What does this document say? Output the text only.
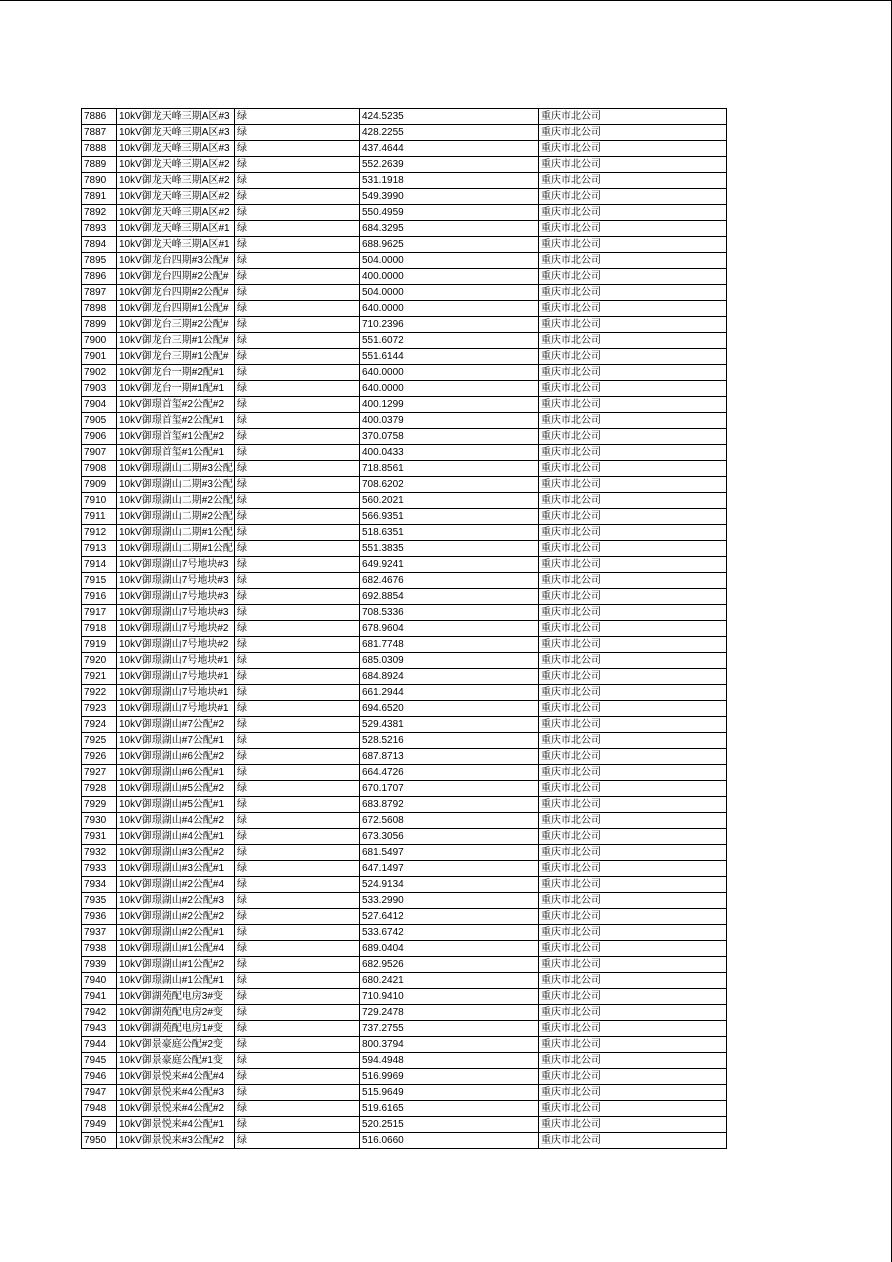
7886	10kV御龙天峰三期A区#3	绿	424.5235	重庆市北公司
7887	10kV御龙天峰三期A区#3	绿	428.2255	重庆市北公司
7888	10kV御龙天峰三期A区#3	绿	437.4644	重庆市北公司
7889	10kV御龙天峰三期A区#2	绿	552.2639	重庆市北公司
7890	10kV御龙天峰三期A区#2	绿	531.1918	重庆市北公司
7891	10kV御龙天峰三期A区#2	绿	549.3990	重庆市北公司
7892	10kV御龙天峰三期A区#2	绿	550.4959	重庆市北公司
7893	10kV御龙天峰三期A区#1	绿	684.3295	重庆市北公司
7894	10kV御龙天峰三期A区#1	绿	688.9625	重庆市北公司
7895	10kV御龙台四期#3公配#	绿	504.0000	重庆市北公司
7896	10kV御龙台四期#2公配#	绿	400.0000	重庆市北公司
7897	10kV御龙台四期#2公配#	绿	504.0000	重庆市北公司
7898	10kV御龙台四期#1公配#	绿	640.0000	重庆市北公司
7899	10kV御龙台三期#2公配#	绿	710.2396	重庆市北公司
7900	10kV御龙台三期#1公配#	绿	551.6072	重庆市北公司
7901	10kV御龙台三期#1公配#	绿	551.6144	重庆市北公司
7902	10kV御龙台一期#2配#1	绿	640.0000	重庆市北公司
7903	10kV御龙台一期#1配#1	绿	640.0000	重庆市北公司
7904	10kV御璟首玺#2公配#2	绿	400.1299	重庆市北公司
7905	10kV御璟首玺#2公配#1	绿	400.0379	重庆市北公司
7906	10kV御璟首玺#1公配#2	绿	370.0758	重庆市北公司
7907	10kV御璟首玺#1公配#1	绿	400.0433	重庆市北公司
7908	10kV御璟湖山二期#3公配	绿	718.8561	重庆市北公司
7909	10kV御璟湖山二期#3公配	绿	708.6202	重庆市北公司
7910	10kV御璟湖山二期#2公配	绿	560.2021	重庆市北公司
7911	10kV御璟湖山二期#2公配	绿	566.9351	重庆市北公司
7912	10kV御璟湖山二期#1公配	绿	518.6351	重庆市北公司
7913	10kV御璟湖山二期#1公配	绿	551.3835	重庆市北公司
7914	10kV御璟湖山7号地块#3	绿	649.9241	重庆市北公司
7915	10kV御璟湖山7号地块#3	绿	682.4676	重庆市北公司
7916	10kV御璟湖山7号地块#3	绿	692.8854	重庆市北公司
7917	10kV御璟湖山7号地块#3	绿	708.5336	重庆市北公司
7918	10kV御璟湖山7号地块#2	绿	678.9604	重庆市北公司
7919	10kV御璟湖山7号地块#2	绿	681.7748	重庆市北公司
7920	10kV御璟湖山7号地块#1	绿	685.0309	重庆市北公司
7921	10kV御璟湖山7号地块#1	绿	684.8924	重庆市北公司
7922	10kV御璟湖山7号地块#1	绿	661.2944	重庆市北公司
7923	10kV御璟湖山7号地块#1	绿	694.6520	重庆市北公司
7924	10kV御璟湖山#7公配#2	绿	529.4381	重庆市北公司
7925	10kV御璟湖山#7公配#1	绿	528.5216	重庆市北公司
7926	10kV御璟湖山#6公配#2	绿	687.8713	重庆市北公司
7927	10kV御璟湖山#6公配#1	绿	664.4726	重庆市北公司
7928	10kV御璟湖山#5公配#2	绿	670.1707	重庆市北公司
7929	10kV御璟湖山#5公配#1	绿	683.8792	重庆市北公司
7930	10kV御璟湖山#4公配#2	绿	672.5608	重庆市北公司
7931	10kV御璟湖山#4公配#1	绿	673.3056	重庆市北公司
7932	10kV御璟湖山#3公配#2	绿	681.5497	重庆市北公司
7933	10kV御璟湖山#3公配#1	绿	647.1497	重庆市北公司
7934	10kV御璟湖山#2公配#4	绿	524.9134	重庆市北公司
7935	10kV御璟湖山#2公配#3	绿	533.2990	重庆市北公司
7936	10kV御璟湖山#2公配#2	绿	527.6412	重庆市北公司
7937	10kV御璟湖山#2公配#1	绿	533.6742	重庆市北公司
7938	10kV御璟湖山#1公配#4	绿	689.0404	重庆市北公司
7939	10kV御璟湖山#1公配#2	绿	682.9526	重庆市北公司
7940	10kV御璟湖山#1公配#1	绿	680.2421	重庆市北公司
7941	10kV御湖苑配电房3#变	绿	710.9410	重庆市北公司
7942	10kV御湖苑配电房2#变	绿	729.2478	重庆市北公司
7943	10kV御湖苑配电房1#变	绿	737.2755	重庆市北公司
7944	10kV御景豪庭公配#2变	绿	800.3794	重庆市北公司
7945	10kV御景豪庭公配#1变	绿	594.4948	重庆市北公司
7946	10kV御景悦来#4公配#4	绿	516.9969	重庆市北公司
7947	10kV御景悦来#4公配#3	绿	515.9649	重庆市北公司
7948	10kV御景悦来#4公配#2	绿	519.6165	重庆市北公司
7949	10kV御景悦来#4公配#1	绿	520.2515	重庆市北公司
7950	10kV御景悦来#3公配#2	绿	516.0660	重庆市北公司
